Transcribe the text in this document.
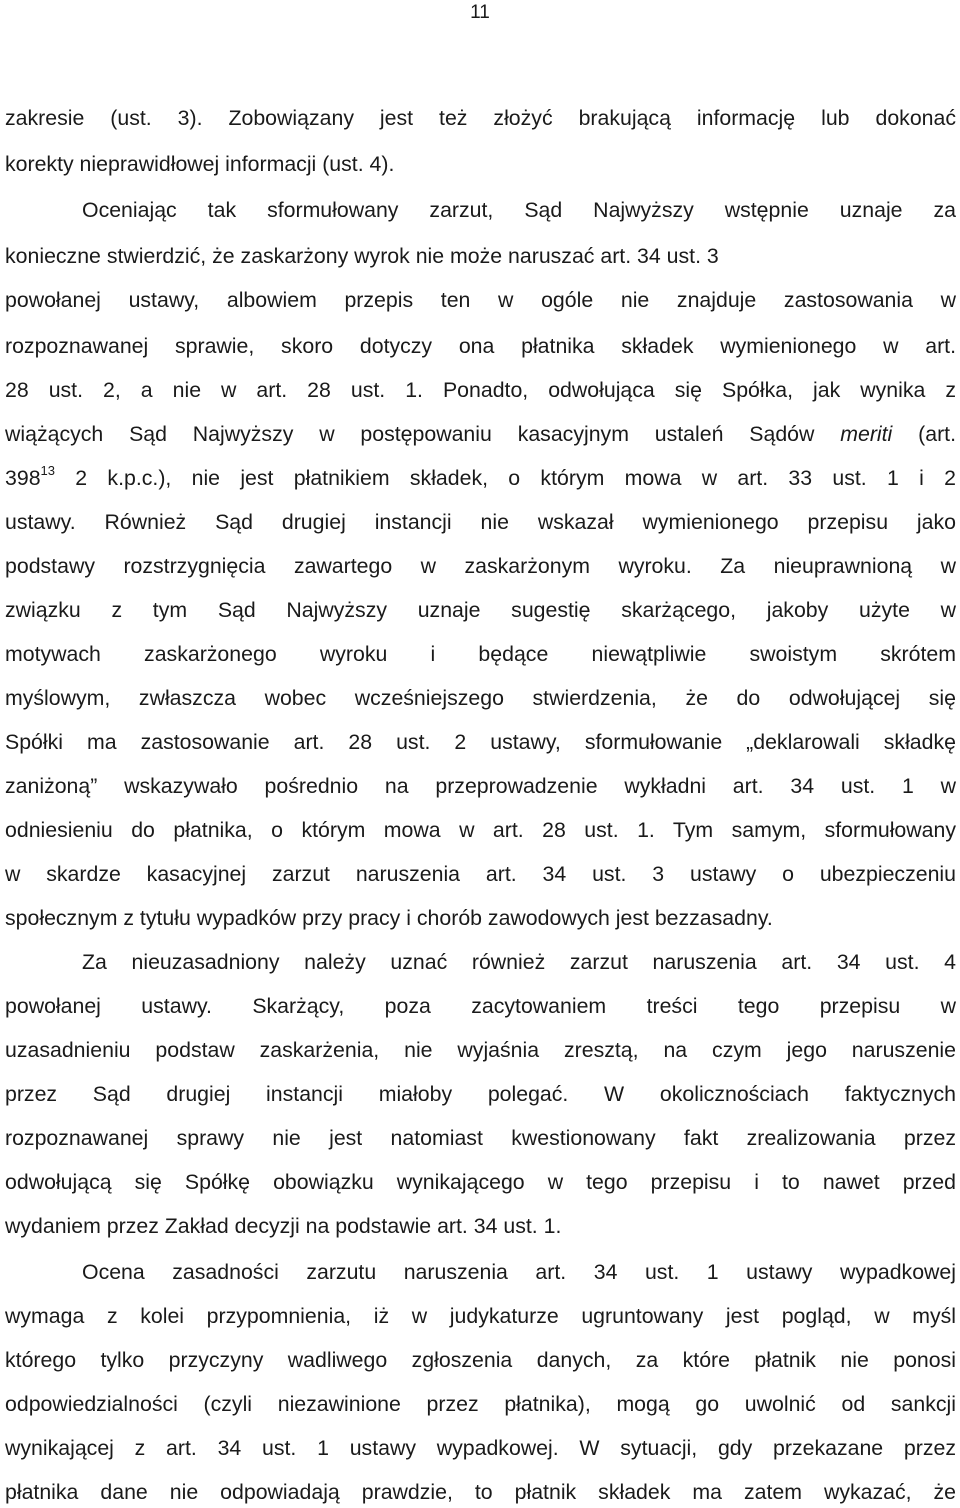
11
zakresie (ust. 3). Zobowiązany jest też złożyć brakującą informację lub dokonać
korekty nieprawidłowej informacji (ust. 4).
Oceniając tak sformułowany zarzut, Sąd Najwyższy wstępnie uznaje za
konieczne stwierdzić, że zaskarżony wyrok nie może naruszać art. 34 ust. 3
powołanej ustawy, albowiem przepis ten w ogóle nie znajduje zastosowania w
rozpoznawanej sprawie, skoro dotyczy ona płatnika składek wymienionego w art.
28 ust. 2, a nie w art. 28 ust. 1. Ponadto, odwołująca się Spółka, jak wynika z
wiążących Sąd Najwyższy w postępowaniu kasacyjnym ustaleń Sądów meriti (art.
$398^{13}$ 2 k.p.c.), nie jest płatnikiem składek, o którym mowa w art. 33 ust. 1 i 2
ustawy. Również Sąd drugiej instancji nie wskazał wymienionego przepisu jako
podstawy rozstrzygnięcia zawartego w zaskarżonym wyroku. Za nieuprawnioną w
związku z tym Sąd Najwyższy uznaje sugestię skarżącego, jakoby użyte w
motywach zaskarżonego wyroku i będące niewątpliwie swoistym skrótem
myślowym, zwłaszcza wobec wcześniejszego stwierdzenia, że do odwołującej się
Spółki ma zastosowanie art. 28 ust. 2 ustawy, sformułowanie „deklarowali składkę
zaniżoną” wskazywało pośrednio na przeprowadzenie wykładni art. 34 ust. 1 w
odniesieniu do płatnika, o którym mowa w art. 28 ust. 1. Tym samym, sformułowany
w skardze kasacyjnej zarzut naruszenia art. 34 ust. 3 ustawy o ubezpieczeniu
społecznym z tytułu wypadków przy pracy i chorób zawodowych jest bezzasadny.
Za nieuzasadniony należy uznać również zarzut naruszenia art. 34 ust. 4
powołanej ustawy. Skarżący, poza zacytowaniem treści tego przepisu w
uzasadnieniu podstaw zaskarżenia, nie wyjaśnia zresztą, na czym jego naruszenie
przez Sąd drugiej instancji miałoby polegać. W okolicznościach faktycznych
rozpoznawanej sprawy nie jest natomiast kwestionowany fakt zrealizowania przez
odwołującą się Spółkę obowiązku wynikającego w tego przepisu i to nawet przed
wydaniem przez Zakład decyzji na podstawie art. 34 ust. 1.
Ocena zasadności zarzutu naruszenia art. 34 ust. 1 ustawy wypadkowej
wymaga z kolei przypomnienia, iż w judykaturze ugruntowany jest pogląd, w myśl
którego tylko przyczyny wadliwego zgłoszenia danych, za które płatnik nie ponosi
odpowiedzialności (czyli niezawinione przez płatnika), mogą go uwolnić od sankcji
wynikającej z art. 34 ust. 1 ustawy wypadkowej. W sytuacji, gdy przekazane przez
płatnika dane nie odpowiadają prawdzie, to płatnik składek ma zatem wykazać, że
